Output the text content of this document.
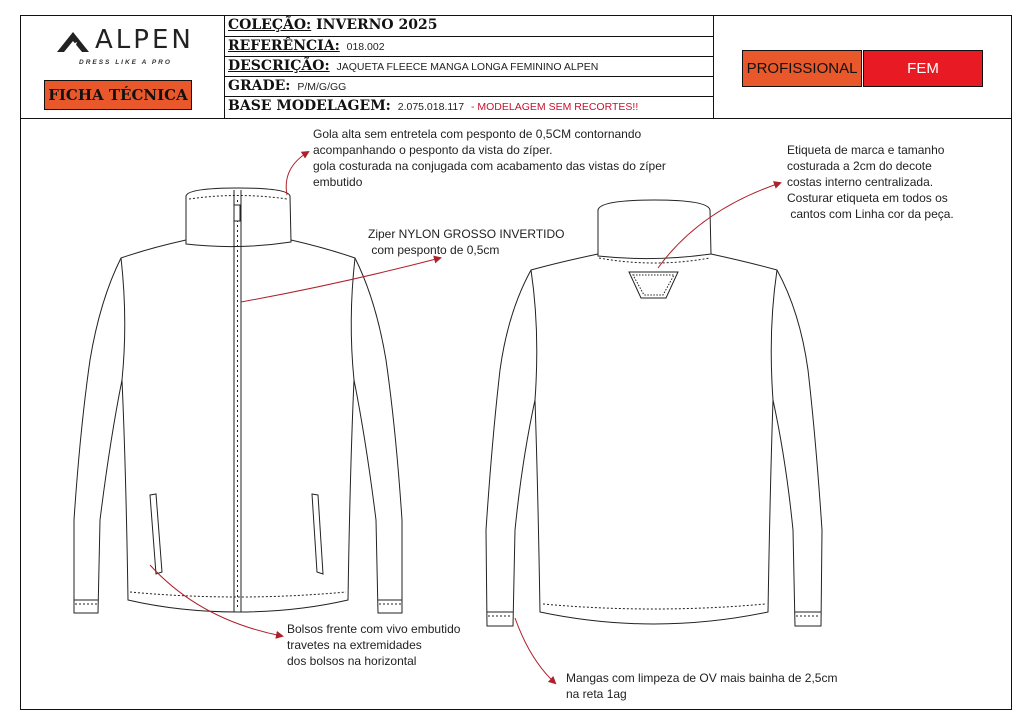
ALPEN
DRESS LIKE A PRO
FICHA TÉCNICA
COLEÇÃO: INVERNO 2025
REFERÊNCIA: 018.002
DESCRIÇÃO: JAQUETA FLEECE MANGA LONGA FEMININO ALPEN
GRADE: P/M/G/GG
BASE MODELAGEM: 2.075.018.117 - MODELAGEM SEM RECORTES!!
PROFISSIONAL	FEM
Gola alta sem entretela com pesponto de 0,5CM contornando
acompanhando o pesponto da vista do zíper.
gola costurada na conjugada com acabamento das vistas do zíper
embutido
Ziper NYLON GROSSO INVERTIDO
com pesponto de 0,5cm
Etiqueta de marca e tamanho
costurada a 2cm do decote
costas interno centralizada.
Costurar etiqueta em todos os
cantos com Linha cor da peça.
Bolsos frente com vivo embutido
travetes na extremidades
dos bolsos na horizontal
Mangas com limpeza de OV mais bainha de 2,5cm
na reta 1ag
